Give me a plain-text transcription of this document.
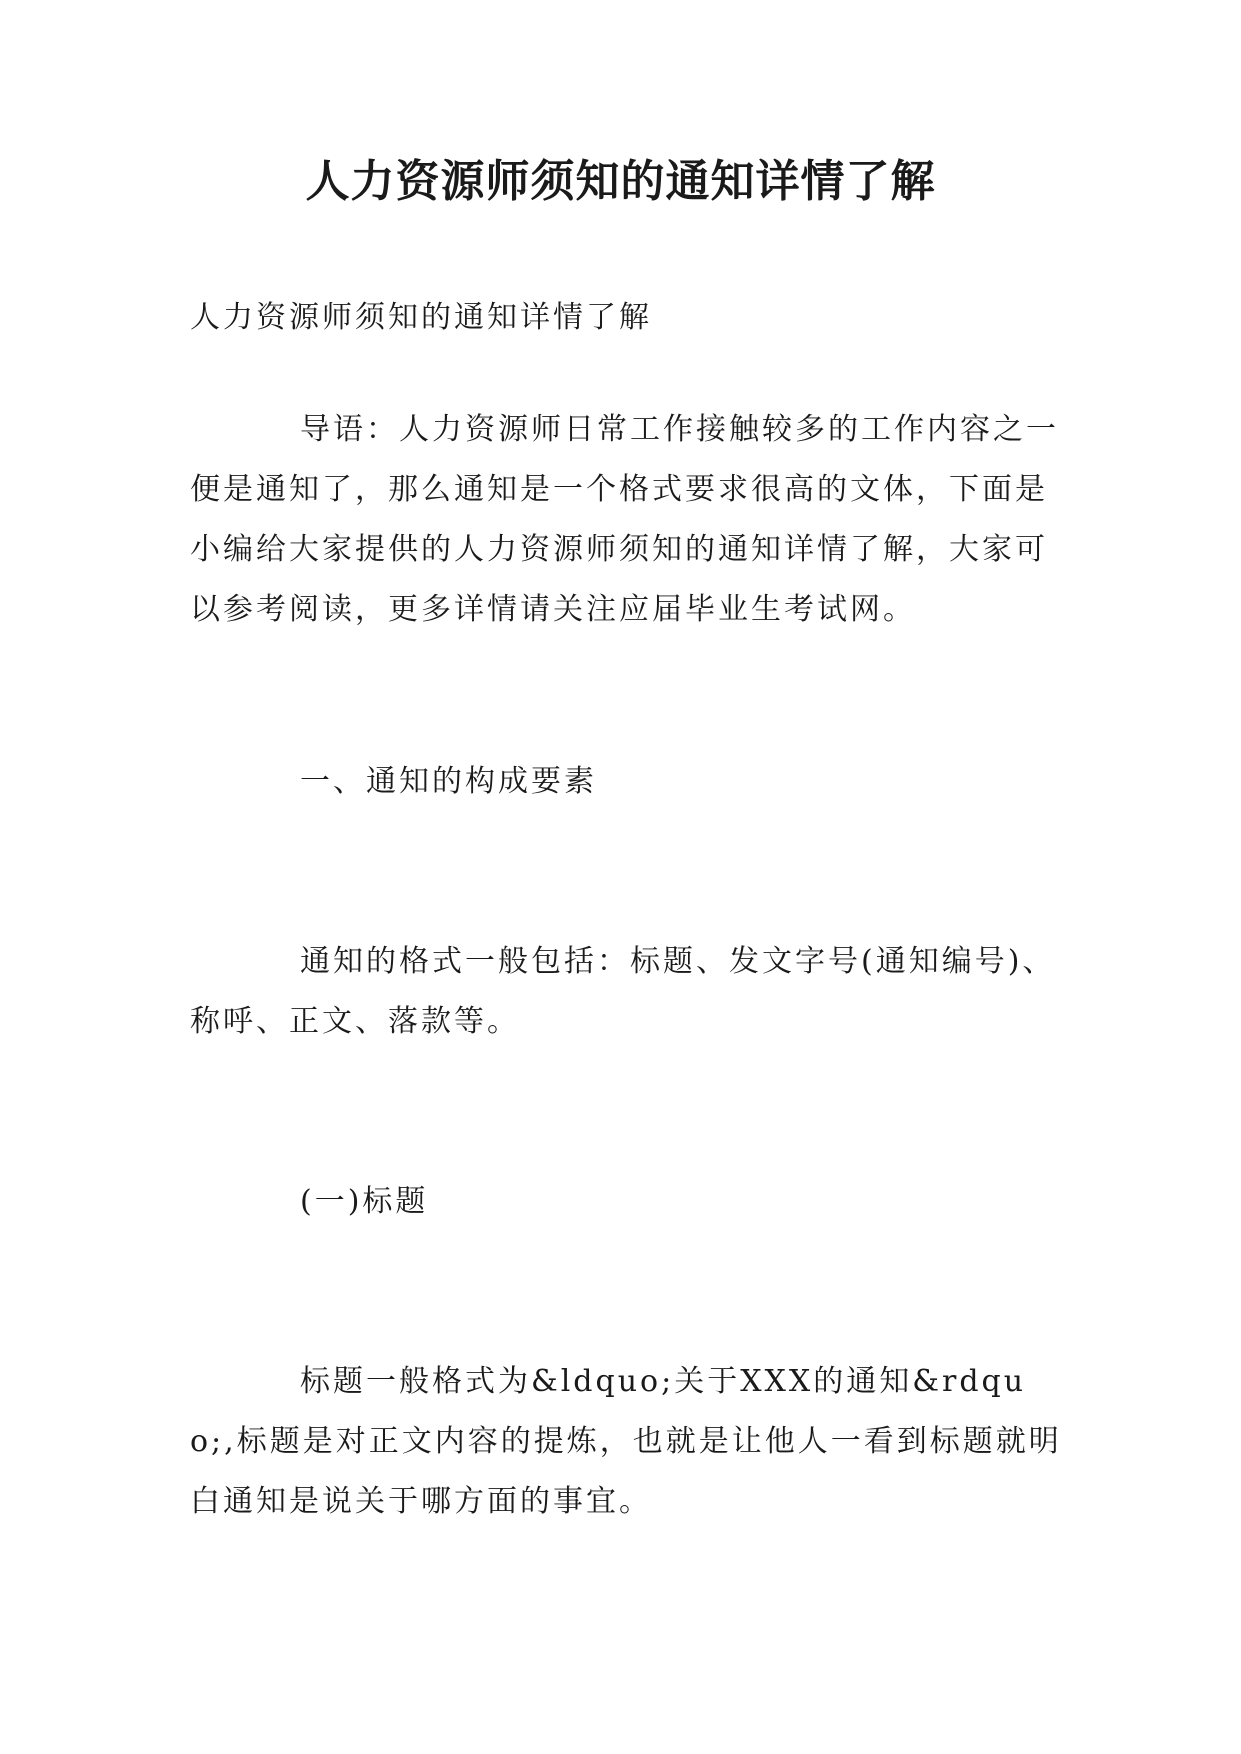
人力资源师须知的通知详情了解

人力资源师须知的通知详情了解

导语：人力资源师日常工作接触较多的工作内容之一便是通知了，那么通知是一个格式要求很高的文体，下面是小编给大家提供的人力资源师须知的通知详情了解，大家可以参考阅读，更多详情请关注应届毕业生考试网。

一、通知的构成要素

通知的格式一般包括：标题、发文字号(通知编号)、称呼、正文、落款等。

(一)标题

标题一般格式为&ldquo;关于XXX的通知&rdquo;,标题是对正文内容的提炼，也就是让他人一看到标题就明白通知是说关于哪方面的事宜。
